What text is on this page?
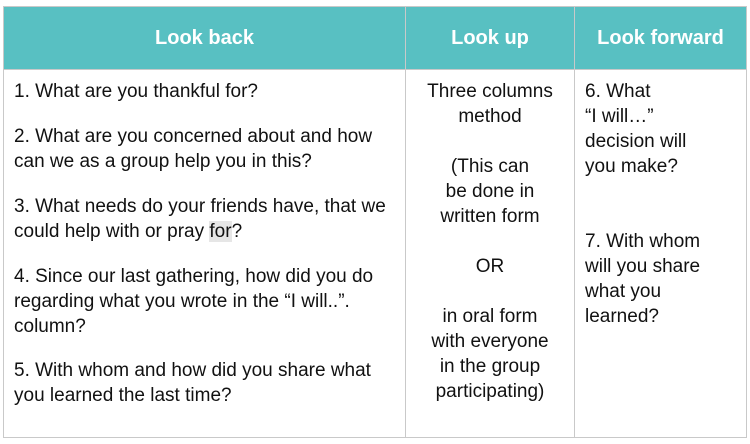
Look back	Look up	Look forward

1. What are you thankful for?

2. What are you concerned about and how can we as a group help you in this?

3. What needs do your friends have, that we could help with or pray for?

4. Since our last gathering, how did you do regarding what you wrote in the “I will..”. column?

5. With whom and how did you share what you learned the last time?

Three columns
method
(This can
be done in
written form
OR
in oral form
with everyone
in the group
participating)
6. What
“I will…”
decision will
you make?
7. With whom
will you share
what you
learned?
